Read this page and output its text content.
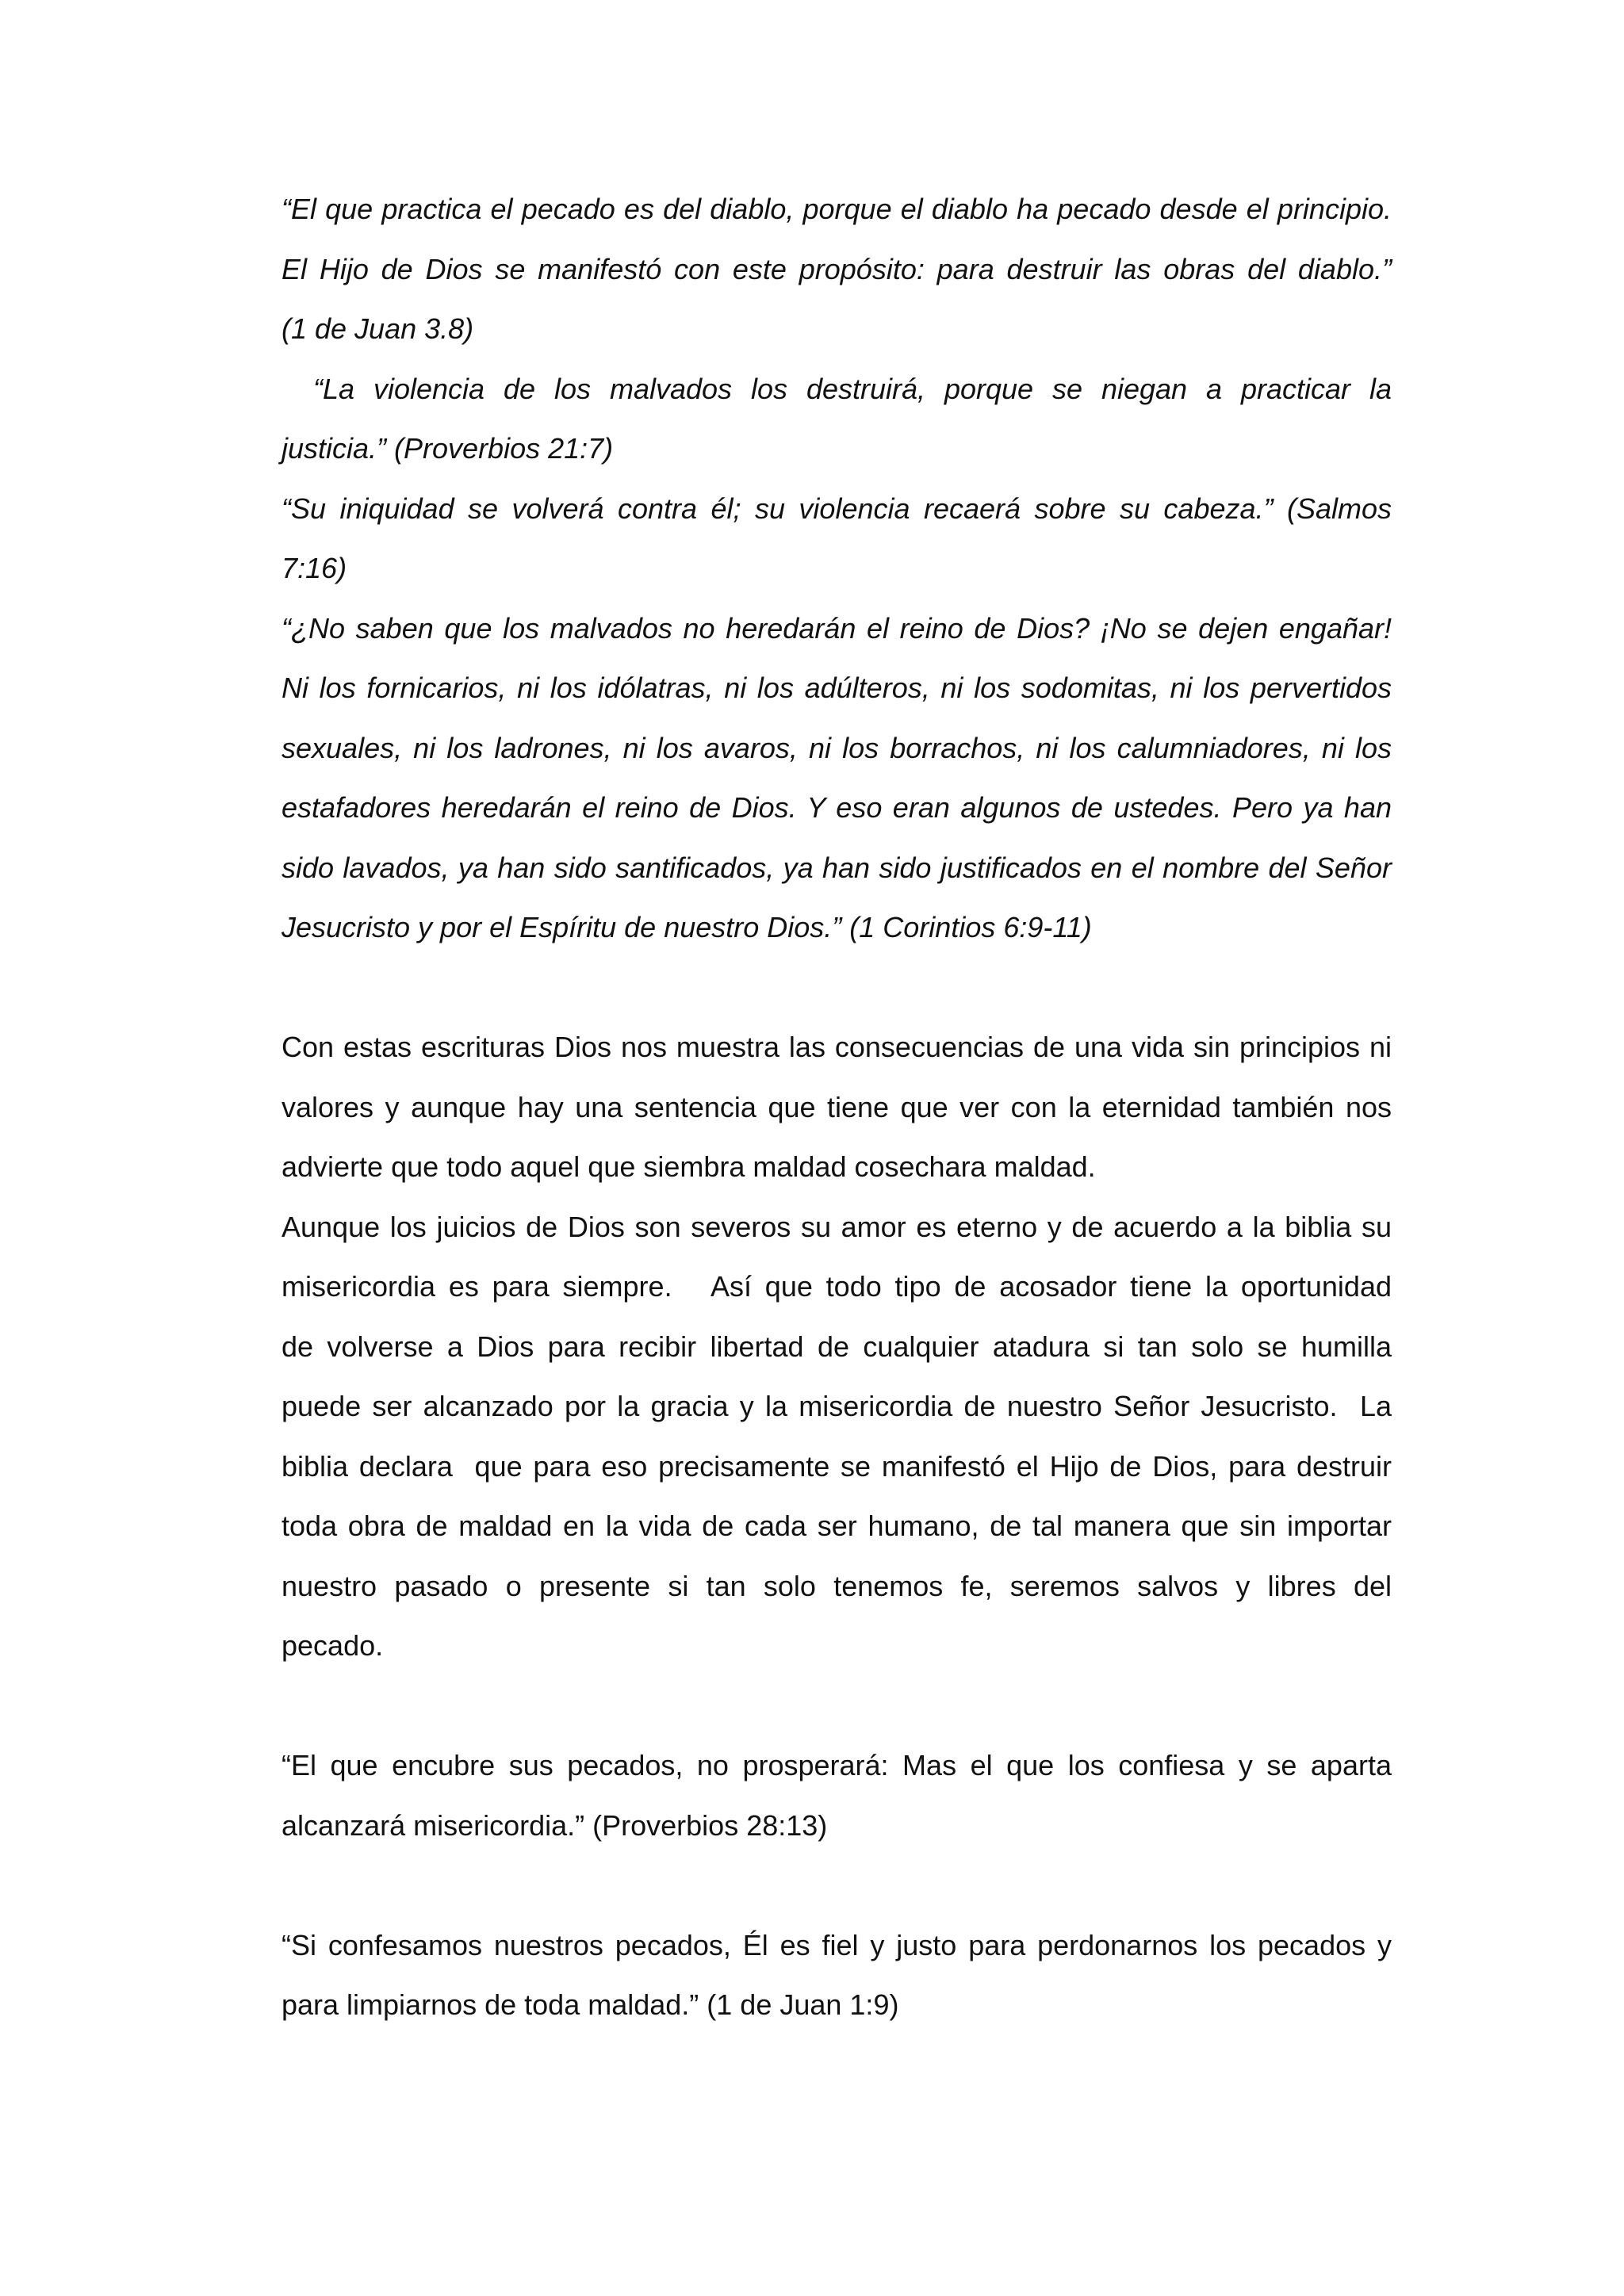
“El que practica el pecado es del diablo, porque el diablo ha pecado desde el principio.
El Hijo de Dios se manifestó con este propósito: para destruir las obras del diablo.”
(1 de Juan 3.8)
“La violencia de los malvados los destruirá, porque se niegan a practicar la
justicia.” (Proverbios 21:7)
“Su iniquidad se volverá contra él; su violencia recaerá sobre su cabeza.” (Salmos
7:16)
“¿No saben que los malvados no heredarán el reino de Dios? ¡No se dejen engañar!
Ni los fornicarios, ni los idólatras, ni los adúlteros, ni los sodomitas, ni los pervertidos
sexuales, ni los ladrones, ni los avaros, ni los borrachos, ni los calumniadores, ni los
estafadores heredarán el reino de Dios. Y eso eran algunos de ustedes. Pero ya han
sido lavados, ya han sido santificados, ya han sido justificados en el nombre del Señor
Jesucristo y por el Espíritu de nuestro Dios.” (1 Corintios 6:9-11)
Con estas escrituras Dios nos muestra las consecuencias de una vida sin principios ni
valores y aunque hay una sentencia que tiene que ver con la eternidad también nos
advierte que todo aquel que siembra maldad cosechara maldad.
Aunque los juicios de Dios son severos su amor es eterno y de acuerdo a la biblia su
misericordia es para siempre.   Así que todo tipo de acosador tiene la oportunidad
de volverse a Dios para recibir libertad de cualquier atadura si tan solo se humilla
puede ser alcanzado por la gracia y la misericordia de nuestro Señor Jesucristo.  La
biblia declara  que para eso precisamente se manifestó el Hijo de Dios, para destruir
toda obra de maldad en la vida de cada ser humano, de tal manera que sin importar
nuestro pasado o presente si tan solo tenemos fe, seremos salvos y libres del
pecado.
“El que encubre sus pecados, no prosperará: Mas el que los confiesa y se aparta
alcanzará misericordia.” (Proverbios 28:13)
“Si confesamos nuestros pecados, Él es fiel y justo para perdonarnos los pecados y
para limpiarnos de toda maldad.” (1 de Juan 1:9)
